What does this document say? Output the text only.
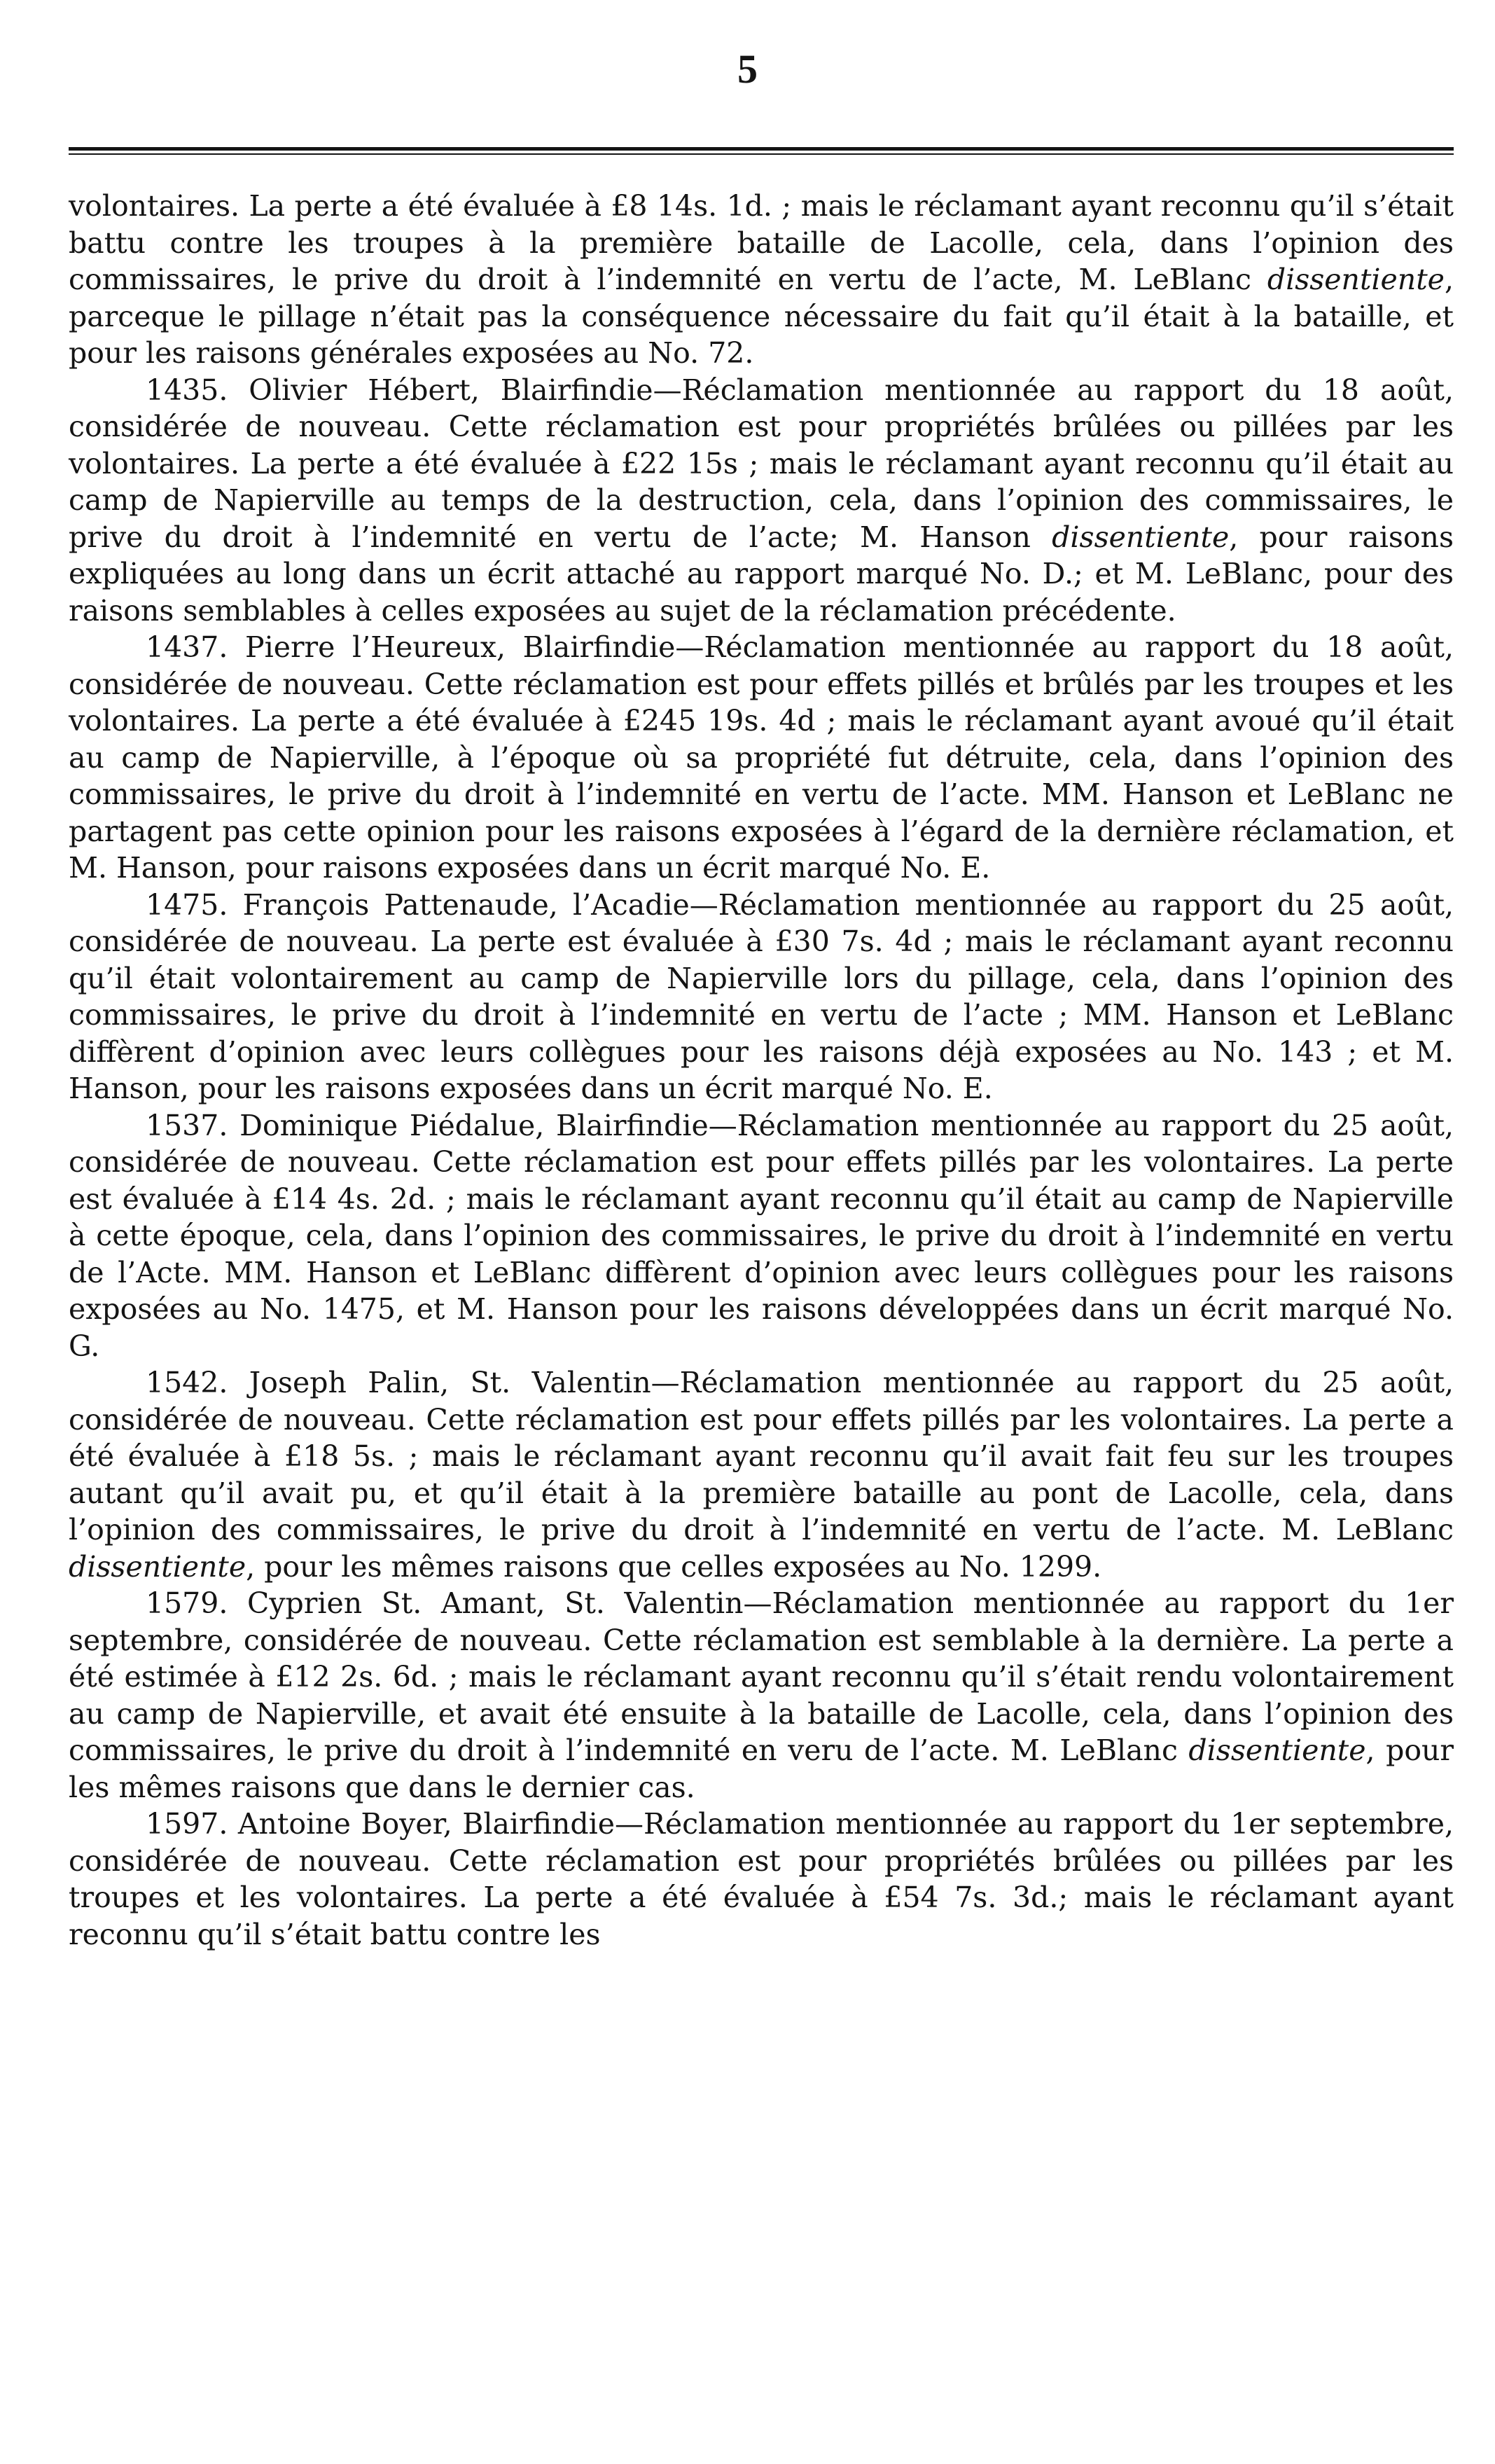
5

volontaires. La perte a été évaluée à £8 14s. 1d. ; mais le réclamant ayant reconnu qu’il s’était battu contre les troupes à la première bataille de Lacolle, cela, dans l’opinion des commissaires, le prive du droit à l’indemnité en vertu de l’acte, M. LeBlanc dissentiente, parceque le pillage n’était pas la conséquence nécessaire du fait qu’il était à la bataille, et pour les raisons générales exposées au No. 72.

1435. Olivier Hébert, Blairfindie—Réclamation mentionnée au rapport du 18 août, considérée de nouveau. Cette réclamation est pour propriétés brûlées ou pillées par les volontaires. La perte a été évaluée à £22 15s ; mais le réclamant ayant reconnu qu’il était au camp de Napierville au temps de la destruction, cela, dans l’opinion des commissaires, le prive du droit à l’indemnité en vertu de l’acte; M. Hanson dissentiente, pour raisons expliquées au long dans un écrit attaché au rapport marqué No. D.; et M. LeBlanc, pour des raisons semblables à celles exposées au sujet de la réclamation précédente.

1437. Pierre l’Heureux, Blairfindie—Réclamation mentionnée au rapport du 18 août, considérée de nouveau. Cette réclamation est pour effets pillés et brûlés par les troupes et les volontaires. La perte a été évaluée à £245 19s. 4d ; mais le réclamant ayant avoué qu’il était au camp de Napierville, à l’époque où sa propriété fut détruite, cela, dans l’opinion des commissaires, le prive du droit à l’indemnité en vertu de l’acte. MM. Hanson et LeBlanc ne partagent pas cette opinion pour les raisons exposées à l’égard de la dernière réclamation, et M. Hanson, pour raisons exposées dans un écrit marqué No. E.

1475. François Pattenaude, l’Acadie—Réclamation mentionnée au rapport du 25 août, considérée de nouveau. La perte est évaluée à £30 7s. 4d ; mais le réclamant ayant reconnu qu’il était volontairement au camp de Napierville lors du pillage, cela, dans l’opinion des commissaires, le prive du droit à l’indemnité en vertu de l’acte ; MM. Hanson et LeBlanc diffèrent d’opinion avec leurs collègues pour les raisons déjà exposées au No. 143 ; et M. Hanson, pour les raisons exposées dans un écrit marqué No. E.

1537. Dominique Piédalue, Blairfindie—Réclamation mentionnée au rapport du 25 août, considérée de nouveau. Cette réclamation est pour effets pillés par les volontaires. La perte est évaluée à £14 4s. 2d. ; mais le réclamant ayant reconnu qu’il était au camp de Napierville à cette époque, cela, dans l’opinion des commissaires, le prive du droit à l’indemnité en vertu de l’Acte. MM. Hanson et LeBlanc diffèrent d’opinion avec leurs collègues pour les raisons exposées au No. 1475, et M. Hanson pour les raisons développées dans un écrit marqué No. G.

1542. Joseph Palin, St. Valentin—Réclamation mentionnée au rapport du 25 août, considérée de nouveau. Cette réclamation est pour effets pillés par les volontaires. La perte a été évaluée à £18 5s. ; mais le réclamant ayant reconnu qu’il avait fait feu sur les troupes autant qu’il avait pu, et qu’il était à la première bataille au pont de Lacolle, cela, dans l’opinion des commissaires, le prive du droit à l’indemnité en vertu de l’acte. M. LeBlanc dissentiente, pour les mêmes raisons que celles exposées au No. 1299.

1579. Cyprien St. Amant, St. Valentin—Réclamation mentionnée au rapport du 1er septembre, considérée de nouveau. Cette réclamation est semblable à la dernière. La perte a été estimée à £12 2s. 6d. ; mais le réclamant ayant reconnu qu’il s’était rendu volontairement au camp de Napierville, et avait été ensuite à la bataille de Lacolle, cela, dans l’opinion des commissaires, le prive du droit à l’indemnité en veru de l’acte. M. LeBlanc dissentiente, pour les mêmes raisons que dans le dernier cas.

1597. Antoine Boyer, Blairfindie—Réclamation mentionnée au rapport du 1er septembre, considérée de nouveau. Cette réclamation est pour propriétés brûlées ou pillées par les troupes et les volontaires. La perte a été évaluée à £54 7s. 3d.; mais le réclamant ayant reconnu qu’il s’était battu contre les
